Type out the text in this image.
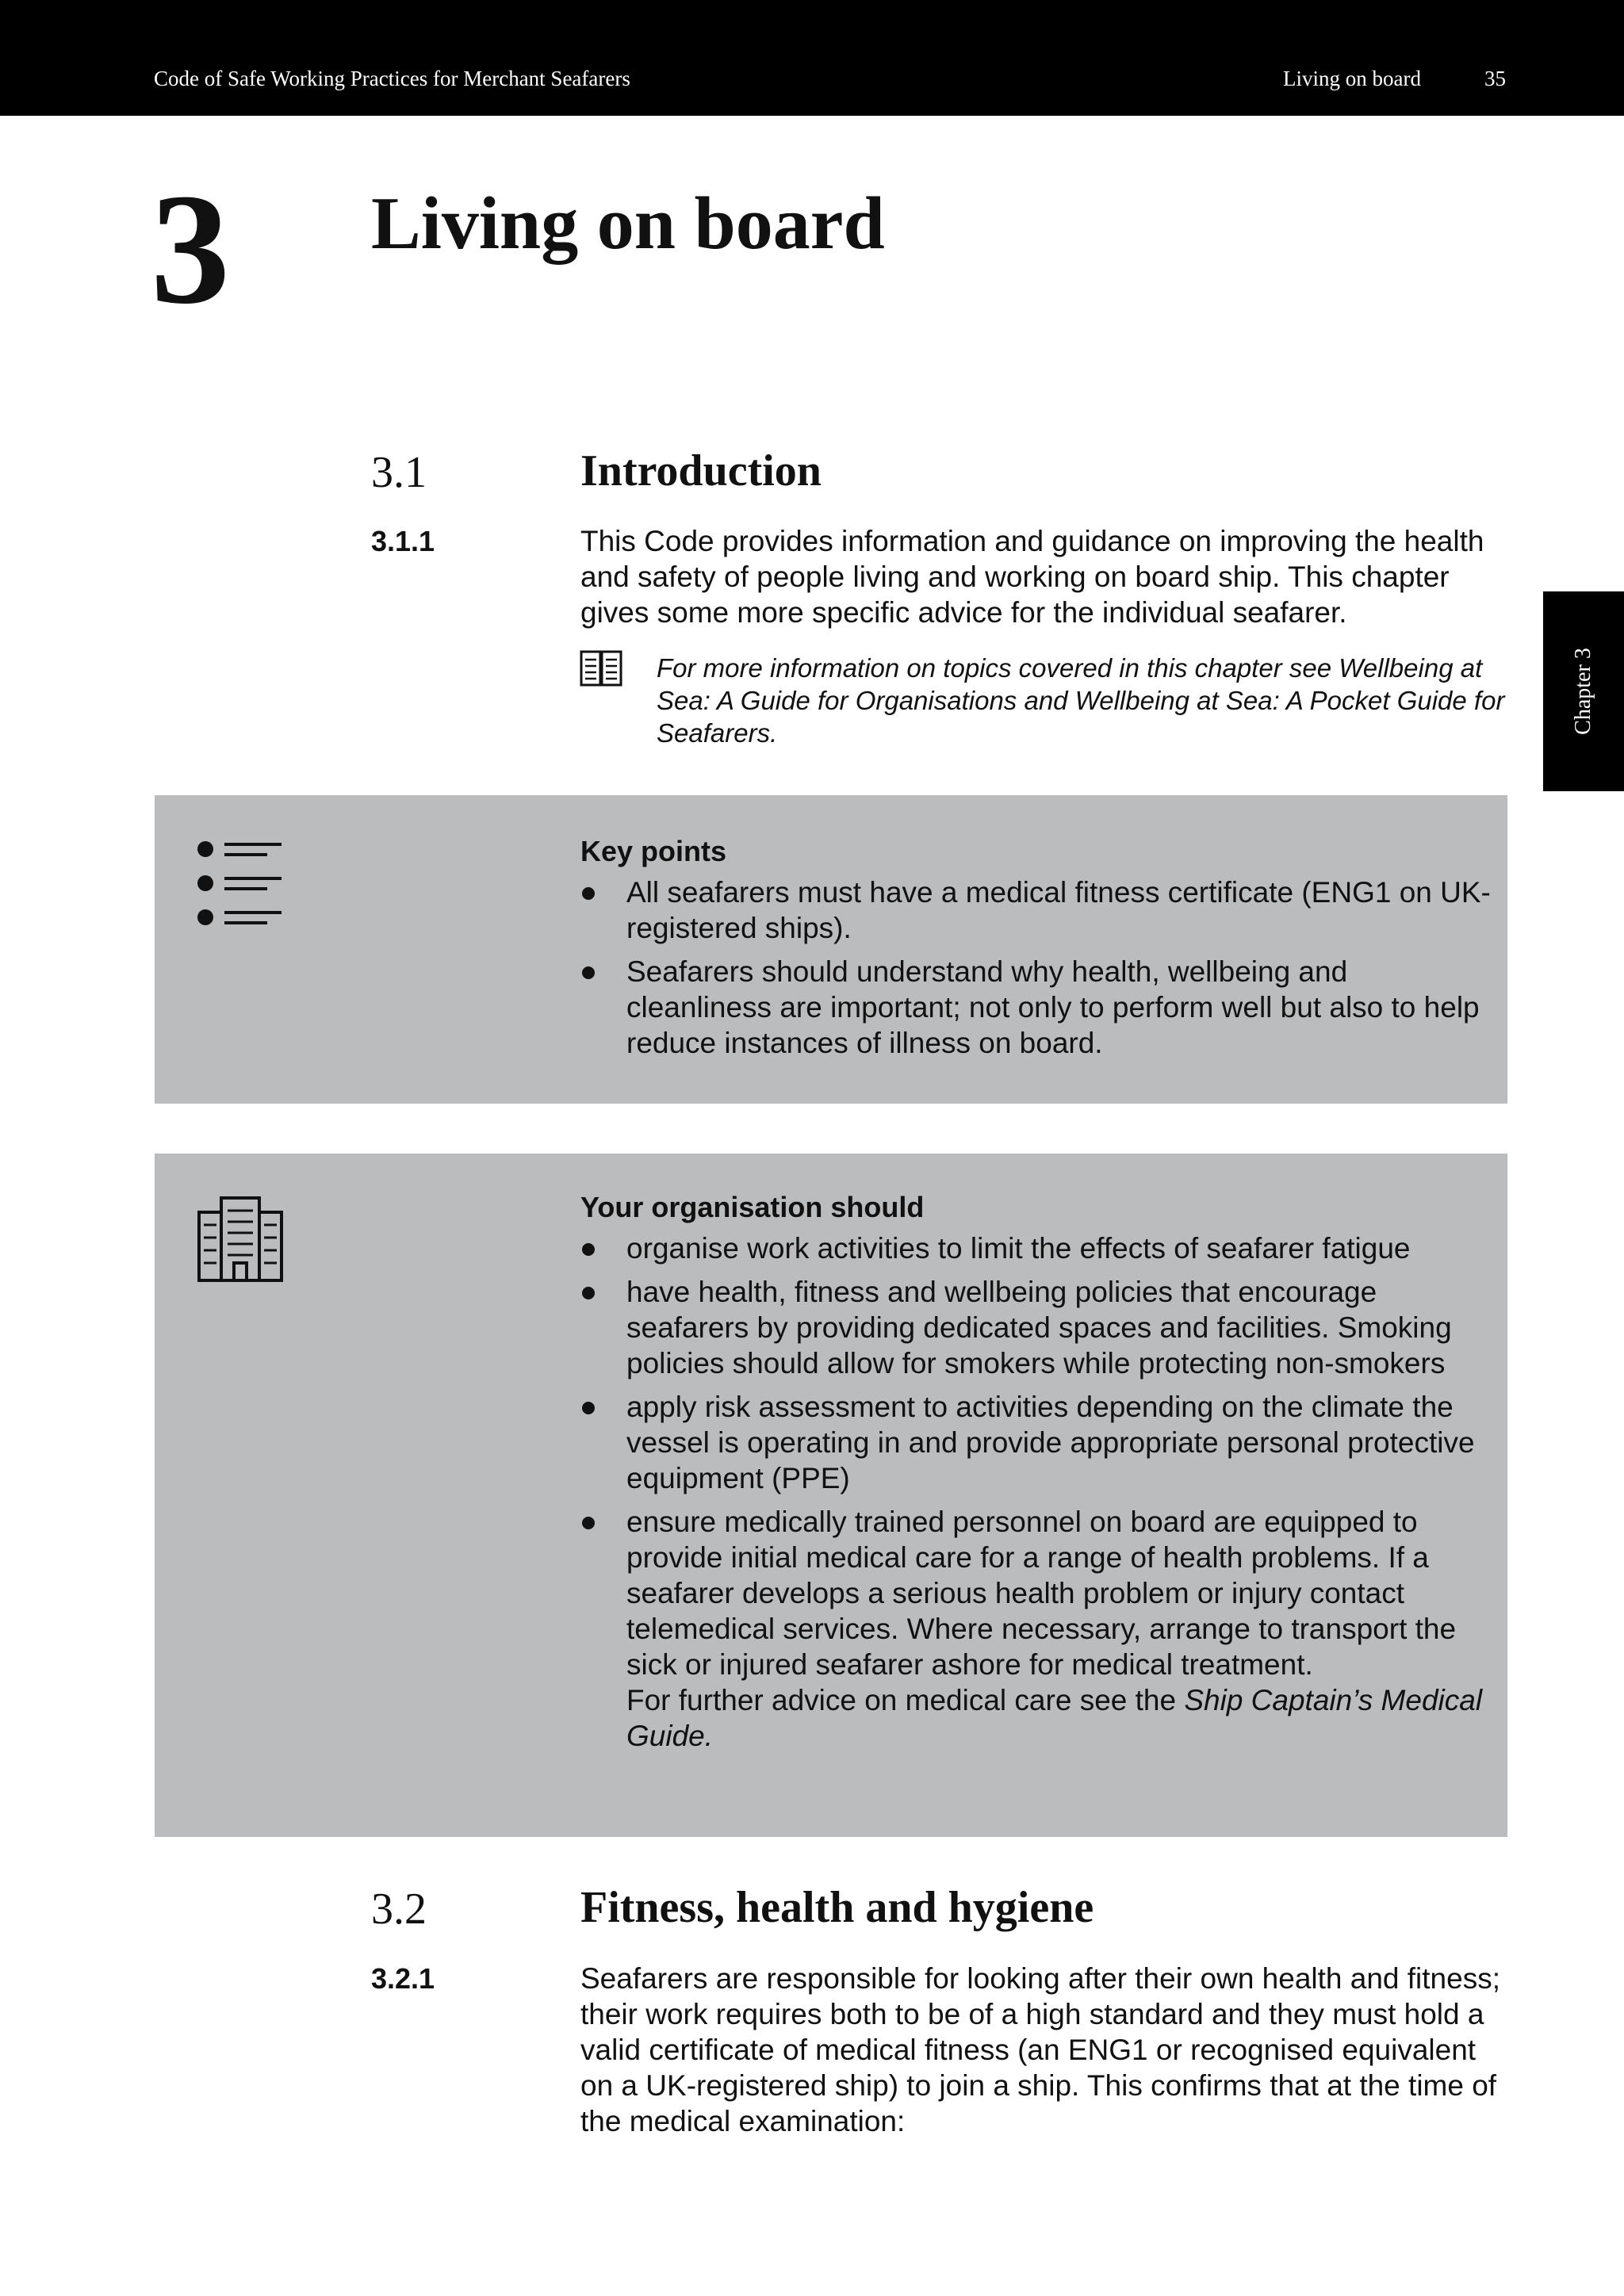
Code of Safe Working Practices for Merchant Seafarers	Living on board	35
Chapter 3
3 Living on board
3.1	Introduction
3.1.1	This Code provides information and guidance on improving the health and safety of people living and working on board ship. This chapter gives some more specific advice for the individual seafarer.

For more information on topics covered in this chapter see Wellbeing at Sea: A Guide for Organisations and Wellbeing at Sea: A Pocket Guide for Seafarers.

Key points

All seafarers must have a medical fitness certificate (ENG1 on UK-registered ships).
Seafarers should understand why health, wellbeing and cleanliness are important; not only to perform well but also to help reduce instances of illness on board.

Your organisation should

organise work activities to limit the effects of seafarer fatigue
have health, fitness and wellbeing policies that encourage seafarers by providing dedicated spaces and facilities. Smoking policies should allow for smokers while protecting non-smokers
apply risk assessment to activities depending on the climate the vessel is operating in and provide appropriate personal protective equipment (PPE)
ensure medically trained personnel on board are equipped to provide initial medical care for a range of health problems. If a seafarer develops a serious health problem or injury contact telemedical services. Where necessary, arrange to transport the sick or injured seafarer ashore for medical treatment.
For further advice on medical care see the Ship Captain’s Medical Guide.
3.2	Fitness, health and hygiene
3.2.1	Seafarers are responsible for looking after their own health and fitness; their work requires both to be of a high standard and they must hold a valid certificate of medical fitness (an ENG1 or recognised equivalent on a UK-registered ship) to join a ship. This confirms that at the time of the medical examination:
